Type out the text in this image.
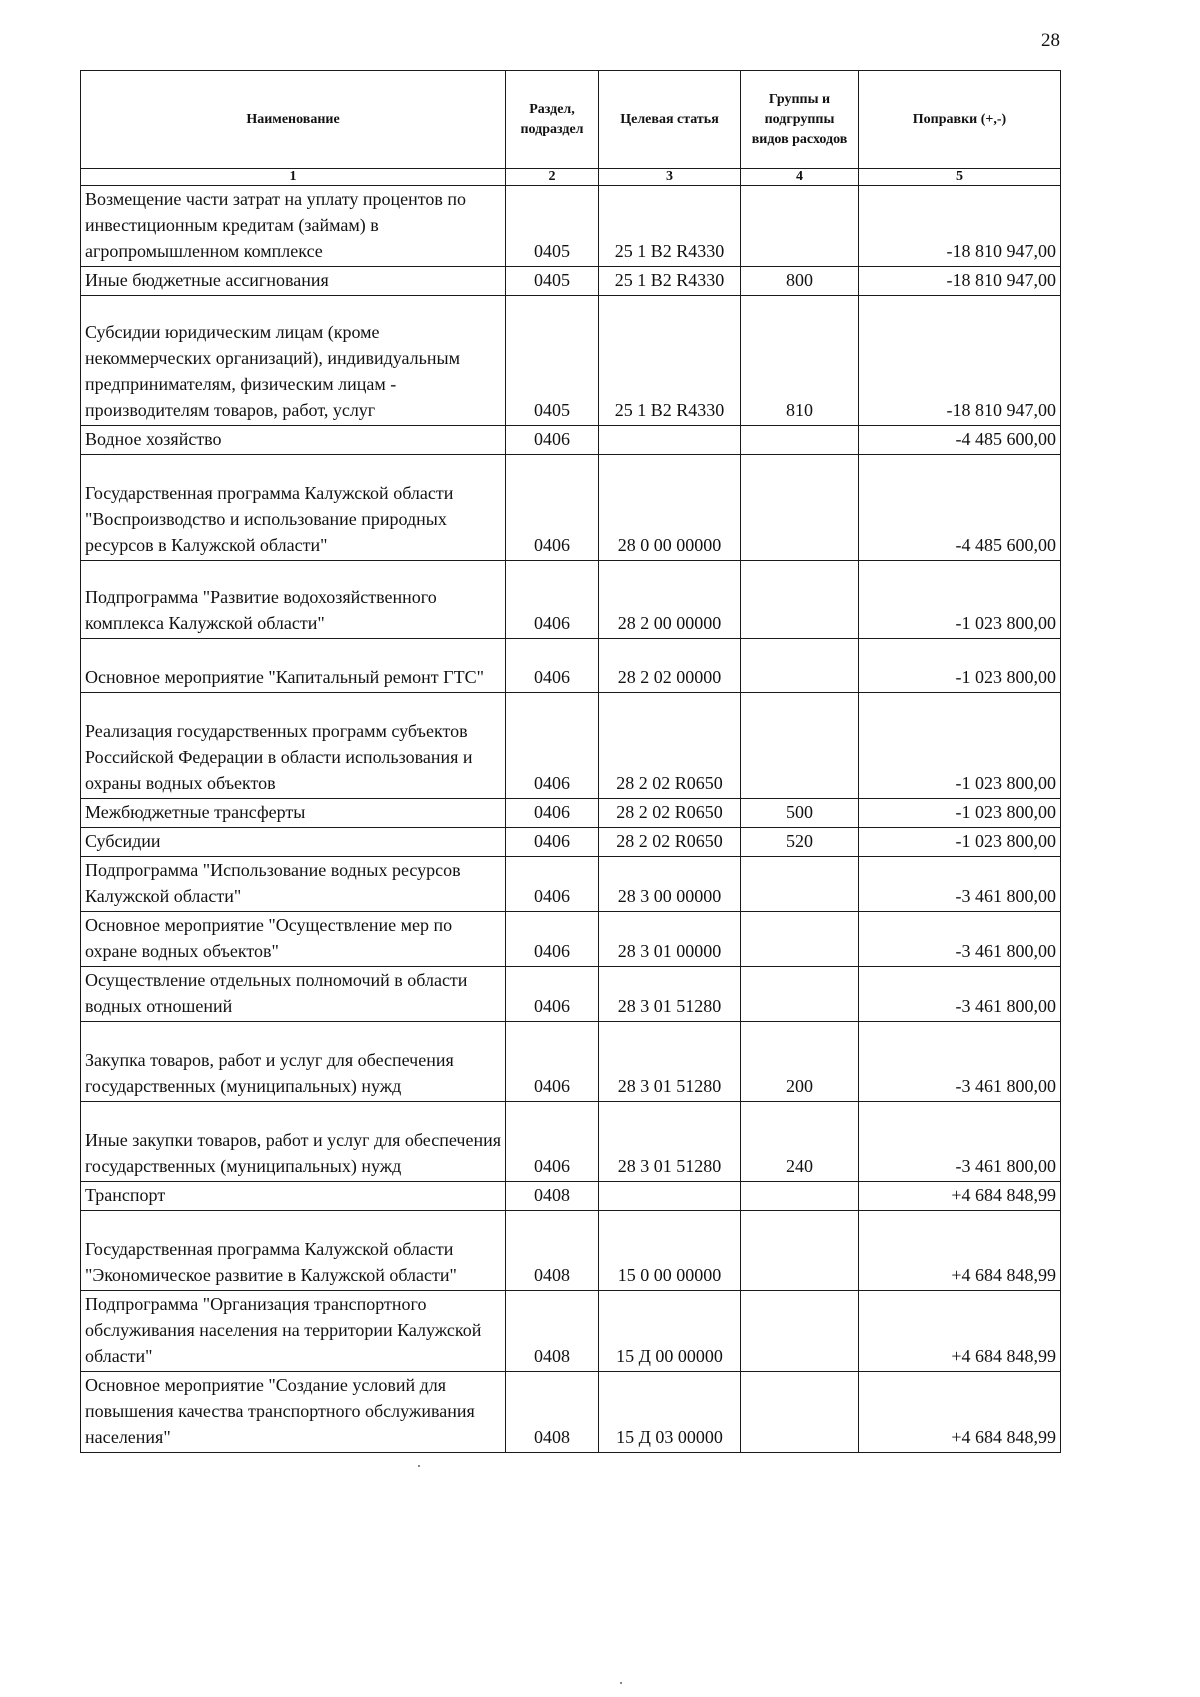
28
Наименование	Раздел, подраздел	Целевая статья	Группы и подгруппы видов расходов	Поправки (+,-)
1	2	3	4	5
Возмещение части затрат на уплату процентов по инвестиционным кредитам (займам) в агропромышленном комплексе	0405	25 1 В2 R4330		-18 810 947,00
Иные бюджетные ассигнования	0405	25 1 В2 R4330	800	-18 810 947,00
Субсидии юридическим лицам (кроме некоммерческих организаций), индивидуальным предпринимателям, физическим лицам - производителям товаров, работ, услуг	0405	25 1 В2 R4330	810	-18 810 947,00
Водное хозяйство	0406			-4 485 600,00
Государственная программа Калужской области "Воспроизводство и использование природных ресурсов в Калужской области"	0406	28 0 00 00000		-4 485 600,00
Подпрограмма "Развитие водохозяйственного комплекса Калужской области"	0406	28 2 00 00000		-1 023 800,00
Основное мероприятие "Капитальный ремонт ГТС"	0406	28 2 02 00000		-1 023 800,00
Реализация государственных программ субъектов Российской Федерации в области использования и охраны водных объектов	0406	28 2 02 R0650		-1 023 800,00
Межбюджетные трансферты	0406	28 2 02 R0650	500	-1 023 800,00
Субсидии	0406	28 2 02 R0650	520	-1 023 800,00
Подпрограмма "Использование водных ресурсов Калужской области"	0406	28 3 00 00000		-3 461 800,00
Основное мероприятие "Осуществление мер по охране водных объектов"	0406	28 3 01 00000		-3 461 800,00
Осуществление отдельных полномочий в области водных отношений	0406	28 3 01 51280		-3 461 800,00
Закупка товаров, работ и услуг для обеспечения государственных (муниципальных) нужд	0406	28 3 01 51280	200	-3 461 800,00
Иные закупки товаров, работ и услуг для обеспечения государственных (муниципальных) нужд	0406	28 3 01 51280	240	-3 461 800,00
Транспорт	0408			+4 684 848,99
Государственная программа Калужской области "Экономическое развитие в Калужской области"	0408	15 0 00 00000		+4 684 848,99
Подпрограмма "Организация транспортного обслуживания населения на территории Калужской области"	0408	15 Д 00 00000		+4 684 848,99
Основное мероприятие "Создание условий для повышения качества транспортного обслуживания населения"	0408	15 Д 03 00000		+4 684 848,99
